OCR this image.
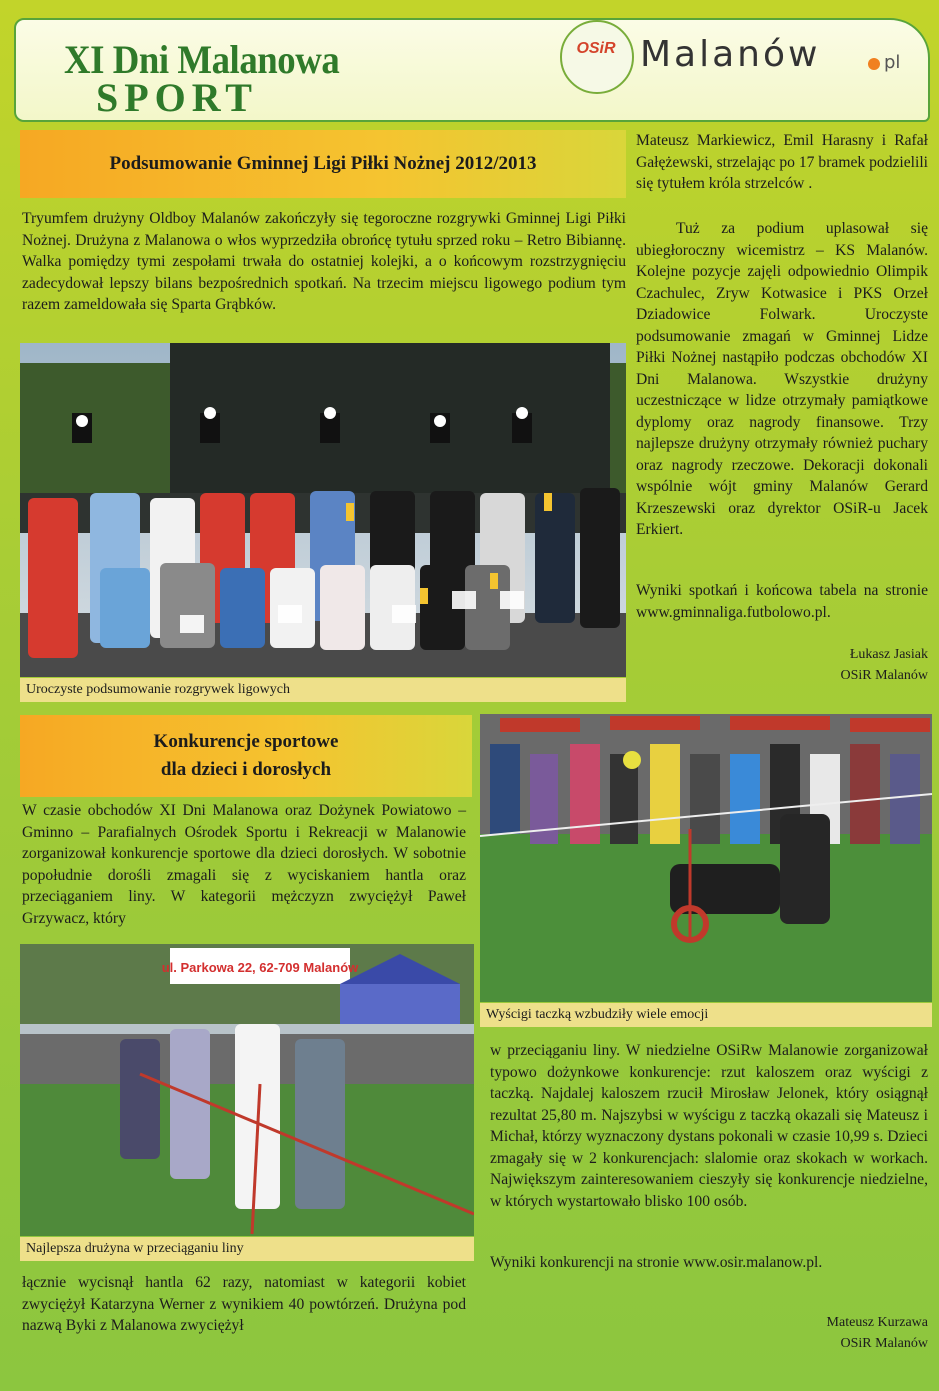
XI Dni Malanowa
SPORT
OSiR Malanów	pl
Podsumowanie Gminnej Ligi Piłki Nożnej 2012/2013
Tryumfem drużyny Oldboy Malanów zakończyły się tegoroczne rozgrywki Gminnej Ligi Piłki Nożnej. Drużyna z Malanowa o włos wyprzedziła obrońcę tytułu sprzed roku – Retro Bibiannę. Walka pomiędzy tymi zespołami trwała do ostatniej kolejki, a o końcowym rozstrzygnięciu zadecydował lepszy bilans bezpośrednich spotkań. Na trzecim miejscu ligowego podium tym razem zameldowała się Sparta Grąbków.
Uroczyste podsumowanie rozgrywek ligowych
Mateusz Markiewicz, Emil Harasny i Rafał Gałężewski, strzelając po 17 bramek podzielili się tytułem króla strzelców .
Tuż za podium uplasował się ubiegłoroczny wicemistrz – KS Malanów. Kolejne pozycje zajęli odpowiednio Olimpik Czachulec, Zryw Kotwasice i PKS Orzeł Dziadowice Folwark. Uroczyste podsumowanie zmagań w Gminnej Lidze Piłki Nożnej nastąpiło podczas obchodów XI Dni Malanowa. Wszystkie drużyny uczestniczące w lidze otrzymały pamiątkowe dyplomy oraz nagrody finansowe. Trzy najlepsze drużyny otrzymały również puchary oraz nagrody rzeczowe. Dekoracji dokonali wspólnie wójt gminy Malanów Gerard Krzeszewski oraz dyrektor OSiR-u Jacek Erkiert.
Wyniki spotkań i końcowa tabela na stronie www.gminnaliga.futbolowo.pl.
Łukasz Jasiak
OSiR Malanów
Konkurencje sportowe
dla dzieci i dorosłych
W czasie obchodów XI Dni Malanowa oraz Dożynek Powiatowo – Gminno – Parafialnych Ośrodek Sportu i Rekreacji w Malanowie zorganizował konkurencje sportowe dla dzieci dorosłych. W sobotnie popołudnie dorośli zmagali się z wyciskaniem hantla oraz przeciąganiem liny. W kategorii mężczyzn zwyciężył Paweł Grzywacz, który
ul. Parkowa 22, 62-709 Malanów
Najlepsza drużyna w przeciąganiu liny
łącznie wycisnął hantla 62 razy, natomiast w kategorii kobiet zwyciężył Katarzyna Werner z wynikiem 40 powtórzeń. Drużyna pod nazwą Byki z Malanowa zwyciężył
Wyścigi taczką wzbudziły wiele emocji
w przeciąganiu liny. W niedzielne OSiRw Malanowie zorganizował typowo dożynkowe konkurencje: rzut kaloszem oraz wyścigi z taczką. Najdalej kaloszem rzucił Mirosław Jelonek, który osiągnął rezultat 25,80 m. Najszybsi w wyścigu z taczką okazali się Mateusz i Michał, którzy wyznaczony dystans pokonali w czasie 10,99 s. Dzieci zmagały się w 2 konkurencjach: slalomie oraz skokach w workach. Największym zainteresowaniem cieszyły się konkurencje niedzielne, w których wystartowało blisko 100 osób.
Wyniki konkurencji na stronie www.osir.malanow.pl.
Mateusz Kurzawa
OSiR Malanów
